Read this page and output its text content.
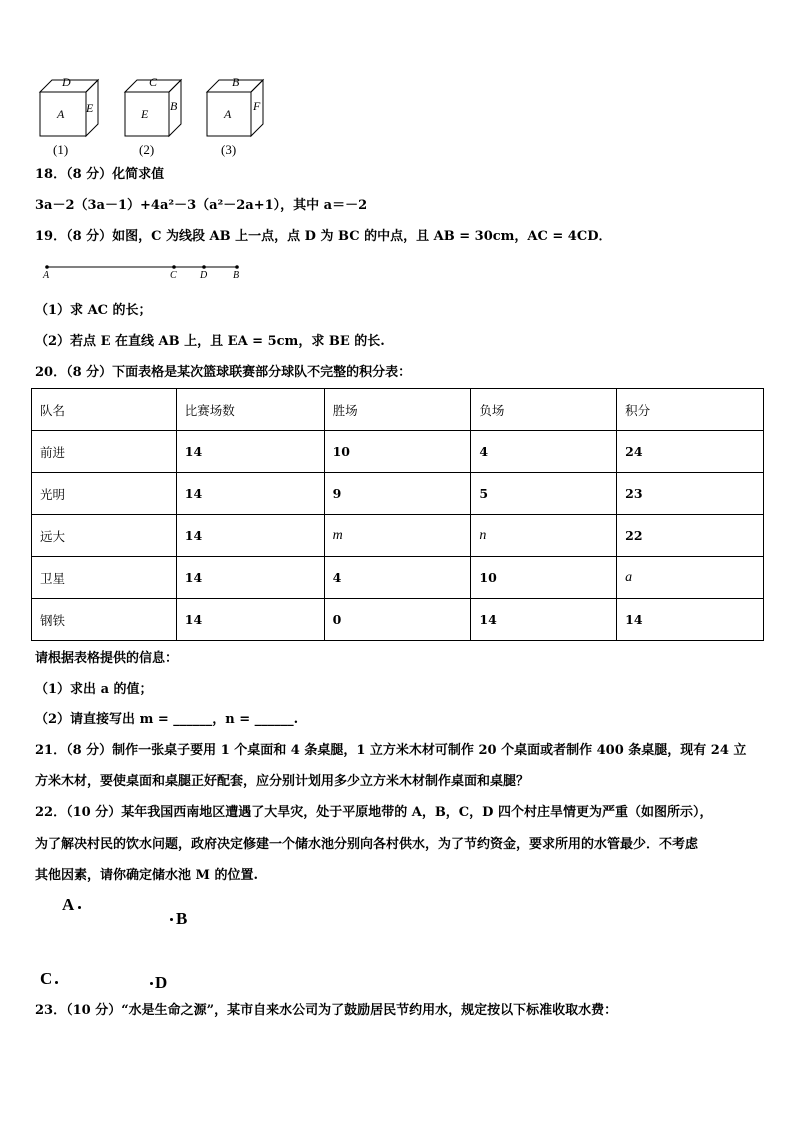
D
A E
(1)
C
E
B
(2)
B
A
F
(3)
18．（8 分）化简求值
3a－2（3a－1）+4a²－3（a²－2a+1），其中 a＝－2
19．（8 分）如图，C 为线段 AB 上一点，点 D 为 BC 的中点，且 AB = 30cm，AC = 4CD．
A	C D	B
（1）求 AC 的长；
（2）若点 E 在直线 AB 上，且 EA = 5cm，求 BE 的长.
20．（8 分）下面表格是某次篮球联赛部分球队不完整的积分表：
队名	比赛场数	胜场	负场	积分
前进	14	10	4	24
光明	14	9	5	23
远大	14	m	n	22
卫星	14	4	10	a
钢铁	14	0	14	14
请根据表格提供的信息：
（1）求出 a 的值；
（2）请直接写出 m = ______，n = ______.
21．（8 分）制作一张桌子要用 1 个桌面和 4 条桌腿，1 立方米木材可制作 20 个桌面或者制作 400 条桌腿，现有 24 立
方米木材，要使桌面和桌腿正好配套，应分别计划用多少立方米木材制作桌面和桌腿？
22．（10 分）某年我国西南地区遭遇了大旱灾，处于平原地带的 A，B，C，D 四个村庄旱情更为严重（如图所示），
为了解决村民的饮水问题，政府决定修建一个储水池分别向各村供水，为了节约资金，要求所用的水管最少．不考虑
其他因素，请你确定储水池 M 的位置.
A
B
C	D
23．（10 分）“水是生命之源”，某市自来水公司为了鼓励居民节约用水，规定按以下标准收取水费：
